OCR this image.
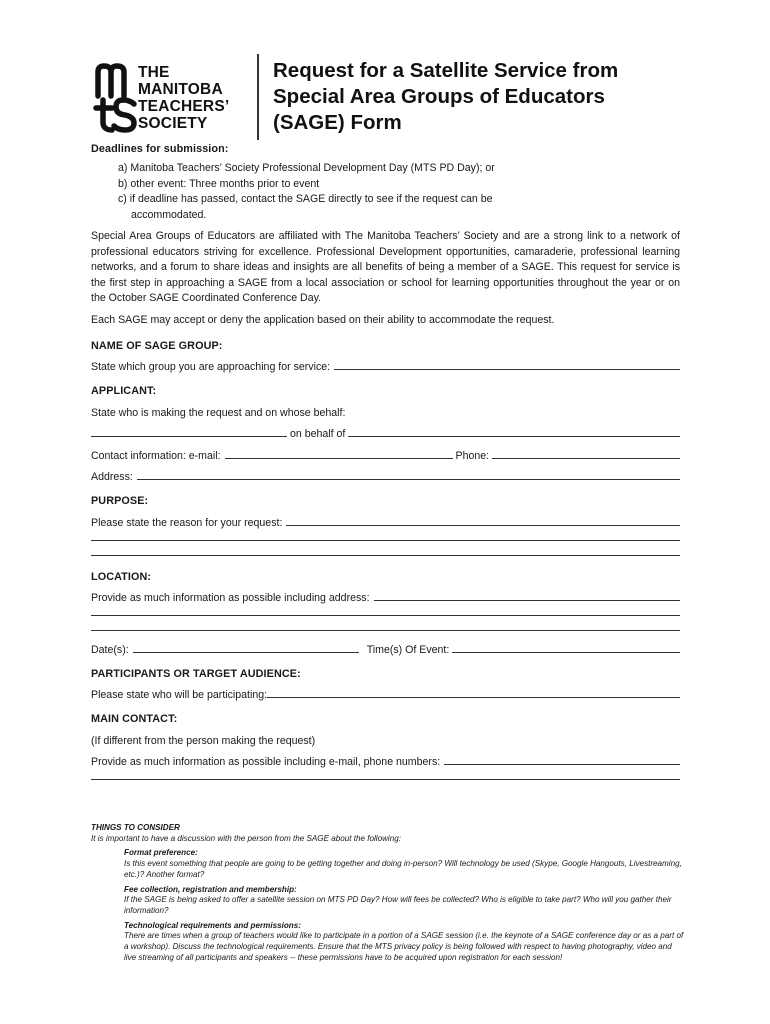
THE
MANITOBA
TEACHERS’
SOCIETY
Request for a Satellite Service from
Special Area Groups of Educators
(SAGE) Form
Deadlines for submission:
a) Manitoba Teachers’ Society Professional Development Day (MTS PD Day); or
b) other event: Three months prior to event
c) if deadline has passed, contact the SAGE directly to see if the request can be
accommodated.

Special Area Groups of Educators are affiliated with The Manitoba Teachers’ Society and are a strong link to a network of professional educators striving for excellence. Professional Development opportunities, camaraderie, professional learning networks, and a forum to share ideas and insights are all benefits of being a member of a SAGE. This request for service is the first step in approaching a SAGE from a local association or school for learning opportunities throughout the year or on the October SAGE Coordinated Conference Day.

Each SAGE may accept or deny the application based on their ability to accommodate the request.

NAME OF SAGE GROUP:
State which group you are approaching for service:
APPLICANT:
State who is making the request and on whose behalf:
on behalf of
Contact information: e-mail:	Phone:
Address:
PURPOSE:
Please state the reason for your request:
LOCATION:
Provide as much information as possible including address:
Date(s):	Time(s) Of Event:
PARTICIPANTS OR TARGET AUDIENCE:
Please state who will be participating:
MAIN CONTACT:
(If different from the person making the request)
Provide as much information as possible including e-mail, phone numbers:
THINGS TO CONSIDER
It is important to have a discussion with the person from the SAGE about the following:
Format preference:
Is this event something that people are going to be getting together and doing in-person? Will technology be used (Skype, Google Hangouts, Livestreaming, etc.)? Another format?
Fee collection, registration and membership:
If the SAGE is being asked to offer a satellite session on MTS PD Day? How will fees be collected? Who is eligible to take part? Who will you gather their information?
Technological requirements and permissions:
There are times when a group of teachers would like to participate in a portion of a SAGE session (i.e. the keynote of a SAGE conference day or as a part of a workshop). Discuss the technological requirements. Ensure that the MTS privacy policy is being followed with respect to having photography, video and live streaming of all participants and speakers -- these permissions have to be acquired upon registration for each session!
